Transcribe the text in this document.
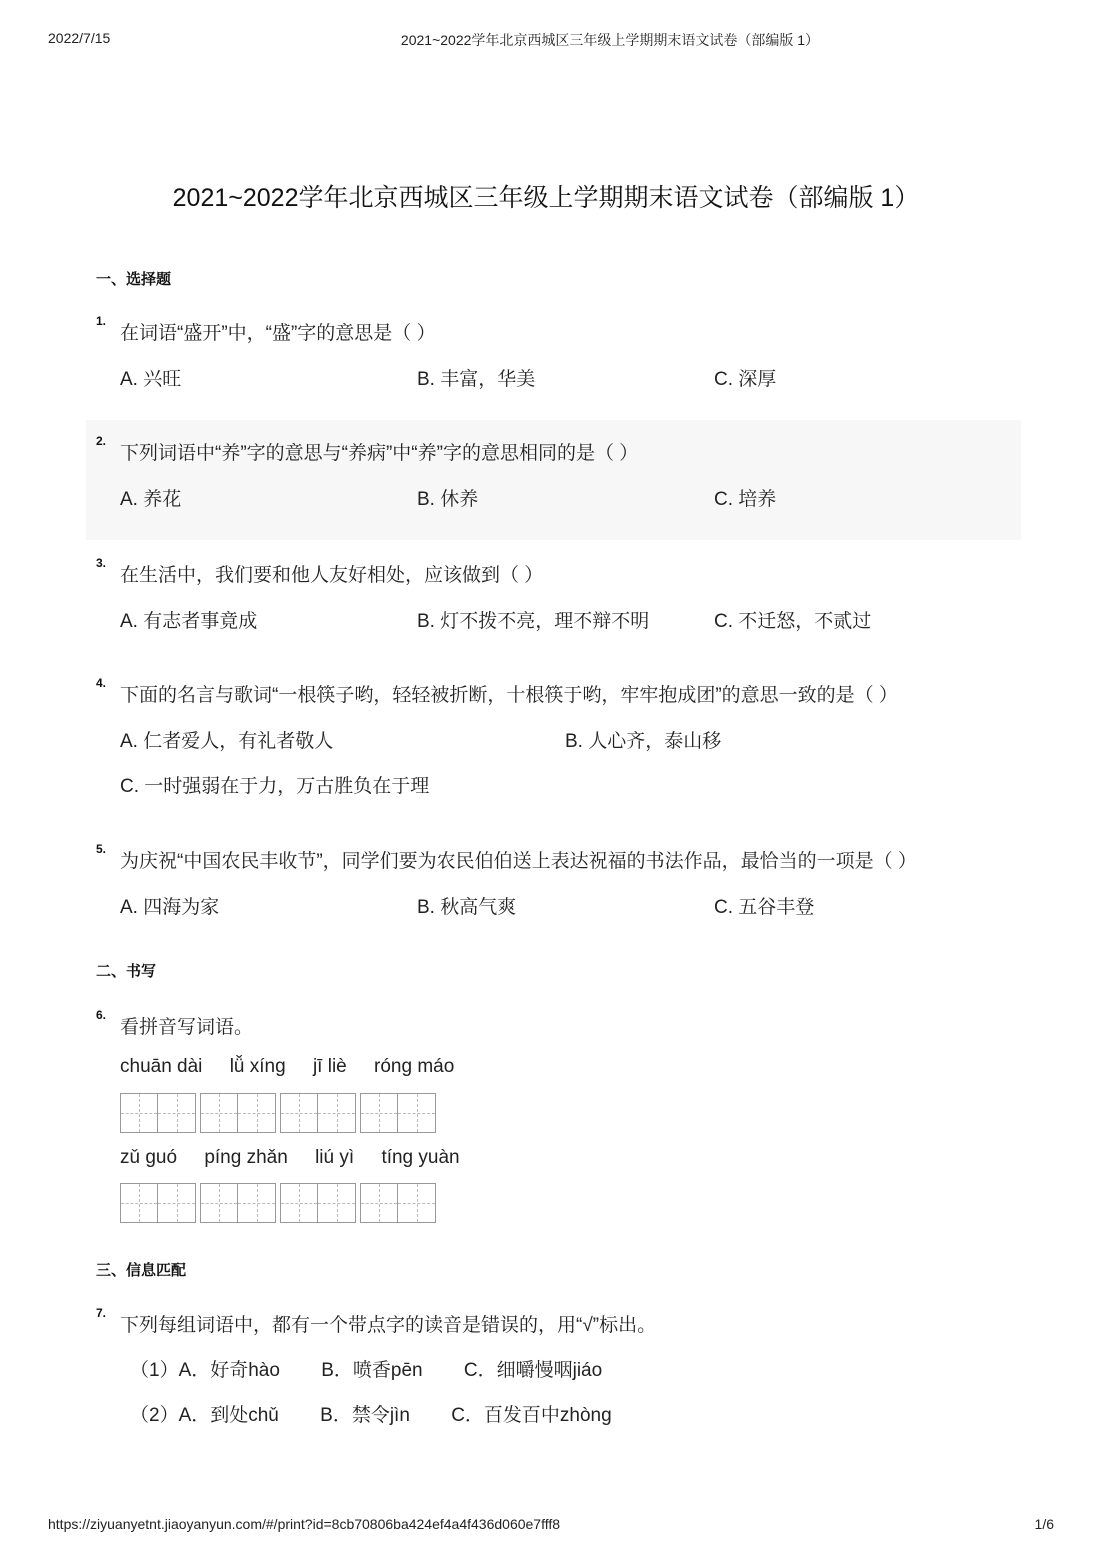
2022/7/15	2021~2022学年北京西城区三年级上学期期末语文试卷（部编版 1）
2021~2022学年北京西城区三年级上学期期末语文试卷（部编版 1）
一、选择题
1.
在词语“盛开”中，“盛”字的意思是（ ）
A. 兴旺	B. 丰富，华美	C. 深厚
2.
下列词语中“养”字的意思与“养病”中“养”字的意思相同的是（ ）
A. 养花	B. 休养	C. 培养
3.
在生活中，我们要和他人友好相处，应该做到（ ）
A. 有志者事竟成	B. 灯不拨不亮，理不辩不明	C. 不迁怒，不贰过
4.
下面的名言与歌词“一根筷子哟，轻轻被折断，十根筷于哟，牢牢抱成团”的意思一致的是（ ）
A. 仁者爱人，有礼者敬人	B. 人心齐，泰山移
C. 一时强弱在于力，万古胜负在于理
5.
为庆祝“中国农民丰收节”，同学们要为农民伯伯送上表达祝福的书法作品，最恰当的一项是（ ）
A. 四海为家	B. 秋高气爽	C. 五谷丰登
二、书写
6.
看拼音写词语。
chuān dài lǚ xíng jī liè róng máo
zǔ guó píng zhǎn liú yì tíng yuàn
三、信息匹配
7.
下列每组词语中，都有一个带点字的读音是错误的，用“√”标出。
（1）A．好奇hào B．喷香pēn C．细嚼慢咽jiáo
（2）A．到处chǔ B．禁令jìn C．百发百中zhòng
https://ziyuanyetnt.jiaoyanyun.com/#/print?id=8cb70806ba424ef4a4f436d060e7fff8	1/6
